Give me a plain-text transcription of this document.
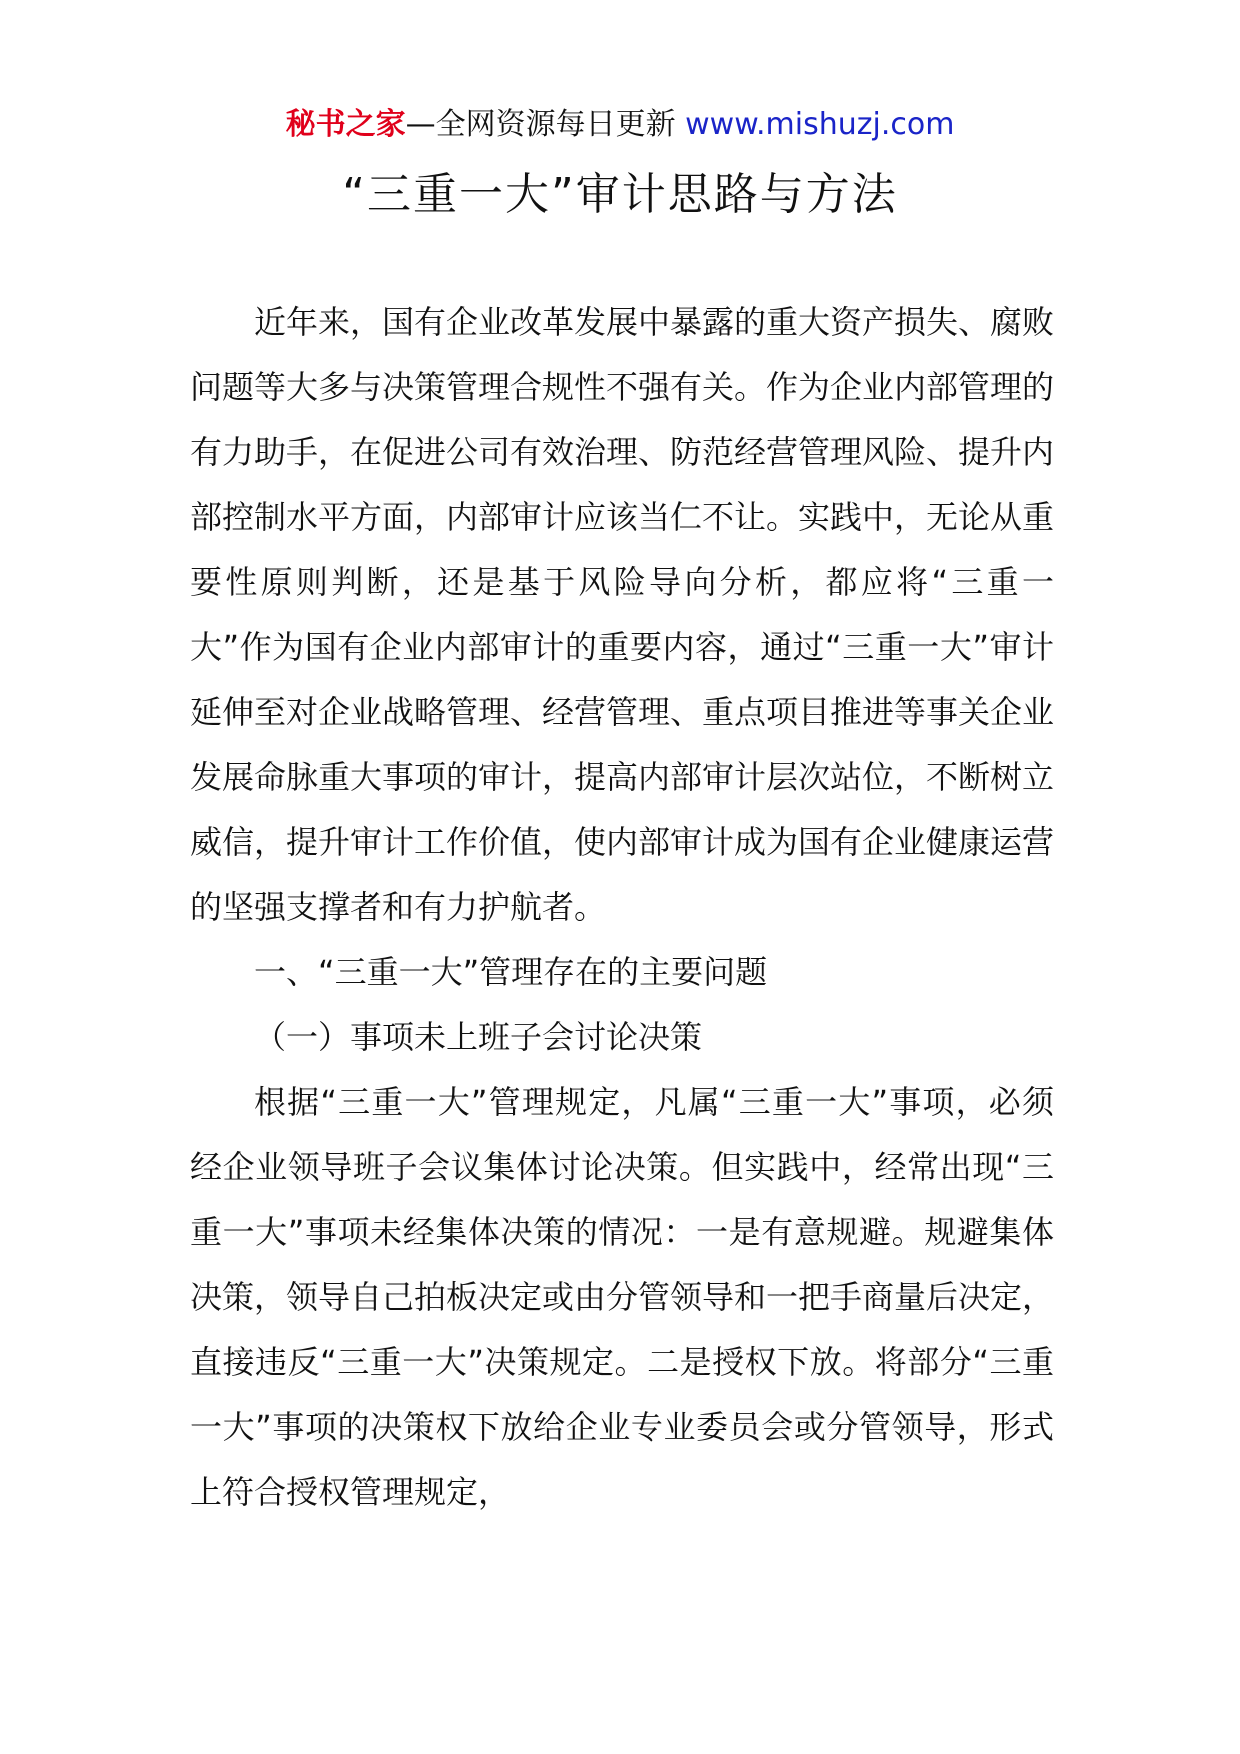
秘书之家—全网资源每日更新 www.mishuzj.com
“三重一大”审计思路与方法

近年来，国有企业改革发展中暴露的重大资产损失、腐败问题等大多与决策管理合规性不强有关。作为企业内部管理的有力助手，在促进公司有效治理、防范经营管理风险、提升内部控制水平方面，内部审计应该当仁不让。实践中，无论从重要性原则判断，还是基于风险导向分析，都应将“三重一大”作为国有企业内部审计的重要内容，通过“三重一大”审计延伸至对企业战略管理、经营管理、重点项目推进等事关企业发展命脉重大事项的审计，提高内部审计层次站位，不断树立威信，提升审计工作价值，使内部审计成为国有企业健康运营的坚强支撑者和有力护航者。

一、“三重一大”管理存在的主要问题

（一）事项未上班子会讨论决策

根据“三重一大”管理规定，凡属“三重一大”事项，必须经企业领导班子会议集体讨论决策。但实践中，经常出现“三重一大”事项未经集体决策的情况：一是有意规避。规避集体决策，领导自己拍板决定或由分管领导和一把手商量后决定，直接违反“三重一大”决策规定。二是授权下放。将部分“三重一大”事项的决策权下放给企业专业委员会或分管领导，形式上符合授权管理规定，
